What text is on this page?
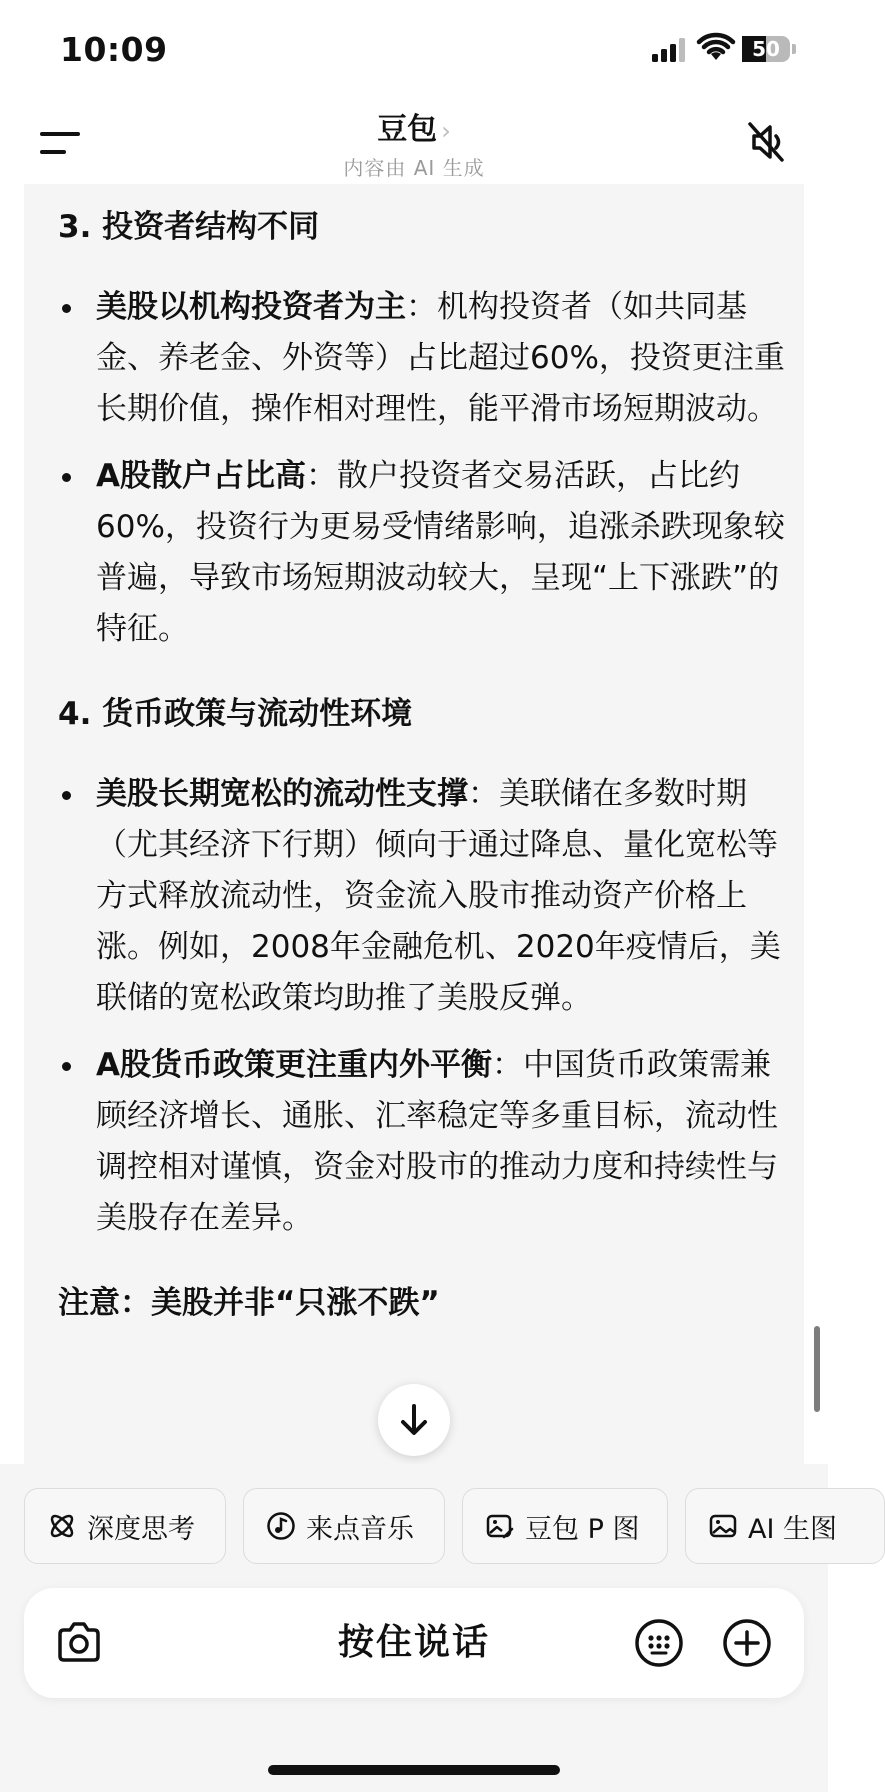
10:09	50
豆包 ›
内容由 AI 生成
3. 投资者结构不同
美股以机构投资者为主：机构投资者（如共同基金、养老金、外资等）占比超过60%，投资更注重长期价值，操作相对理性，能平滑市场短期波动。
A股散户占比高：散户投资者交易活跃，占比约60%，投资行为更易受情绪影响，追涨杀跌现象较普遍，导致市场短期波动较大，呈现“上下涨跌”的特征。
4. 货币政策与流动性环境
美股长期宽松的流动性支撑：美联储在多数时期（尤其经济下行期）倾向于通过降息、量化宽松等方式释放流动性，资金流入股市推动资产价格上涨。例如，2008年金融危机、2020年疫情后，美联储的宽松政策均助推了美股反弹。
A股货币政策更注重内外平衡：中国货币政策需兼顾经济增长、通胀、汇率稳定等多重目标，流动性调控相对谨慎，资金对股市的推动力度和持续性与美股存在差异。
注意：美股并非“只涨不跌”
深度思考	来点音乐	豆包 P 图	AI 生图
按住说话
